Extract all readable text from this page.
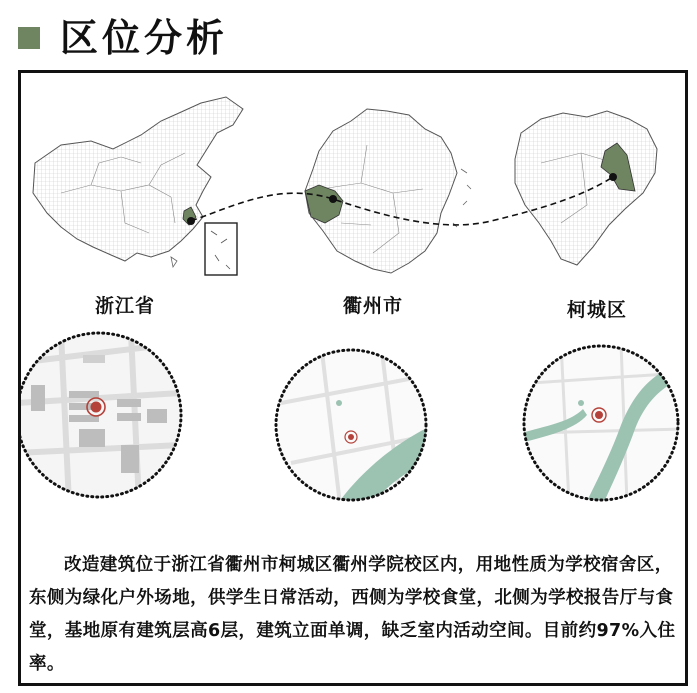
区位分析
浙江省	衢州市	柯城区

改造建筑位于浙江省衢州市柯城区衢州学院校区内，用地性质为学校宿舍区，东侧为绿化户外场地，供学生日常活动，西侧为学校食堂，北侧为学校报告厅与食堂，基地原有建筑层高6层，建筑立面单调，缺乏室内活动空间。目前约97%入住率。
